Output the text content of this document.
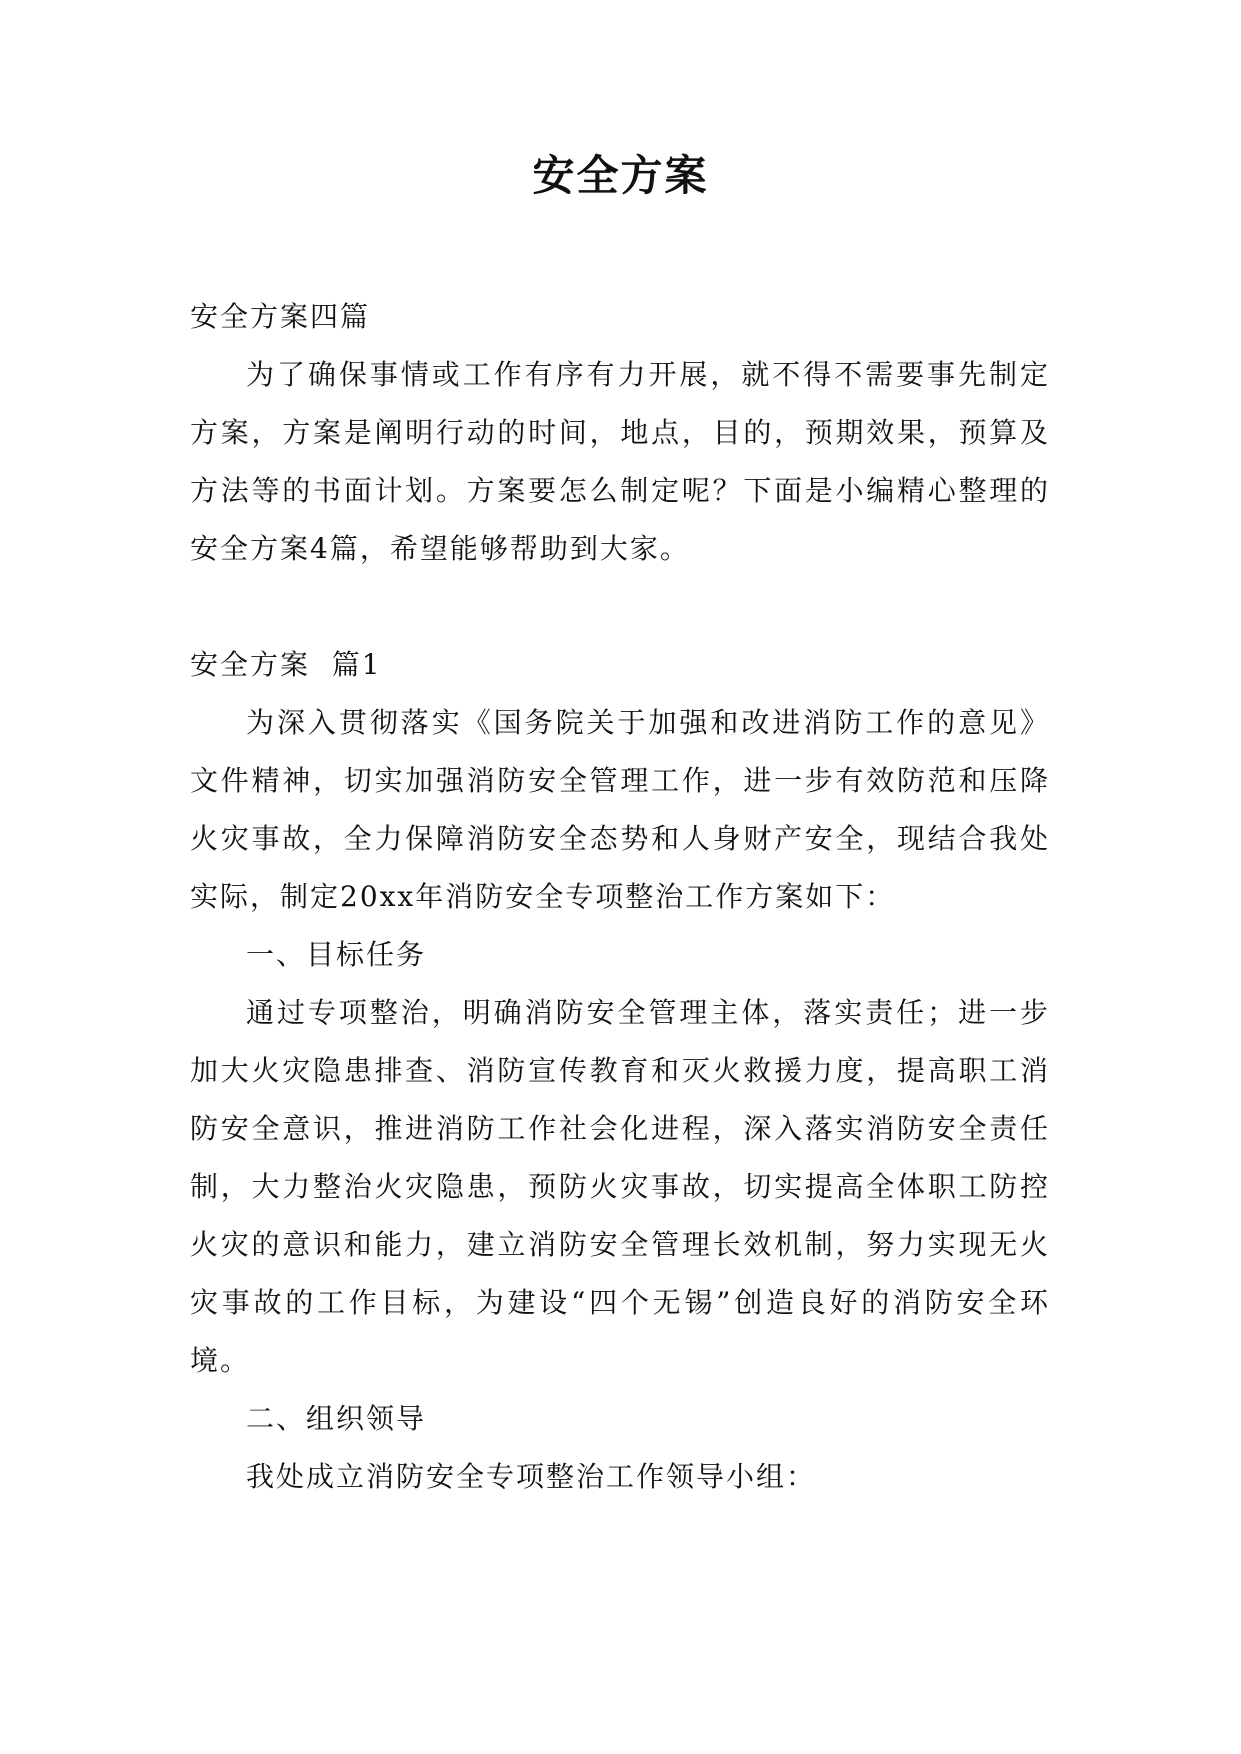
安全方案

安全方案四篇

为了确保事情或工作有序有力开展，就不得不需要事先制定方案，方案是阐明行动的时间，地点，目的，预期效果，预算及方法等的书面计划。方案要怎么制定呢？下面是小编精心整理的安全方案4篇，希望能够帮助到大家。

安全方案  篇1

为深入贯彻落实《国务院关于加强和改进消防工作的意见》文件精神，切实加强消防安全管理工作，进一步有效防范和压降火灾事故，全力保障消防安全态势和人身财产安全，现结合我处实际，制定20xx年消防安全专项整治工作方案如下：

一、目标任务

通过专项整治，明确消防安全管理主体，落实责任；进一步加大火灾隐患排查、消防宣传教育和灭火救援力度，提高职工消防安全意识，推进消防工作社会化进程，深入落实消防安全责任制，大力整治火灾隐患，预防火灾事故，切实提高全体职工防控火灾的意识和能力，建立消防安全管理长效机制，努力实现无火灾事故的工作目标，为建设“四个无锡”创造良好的消防安全环境。

二、组织领导

我处成立消防安全专项整治工作领导小组：
